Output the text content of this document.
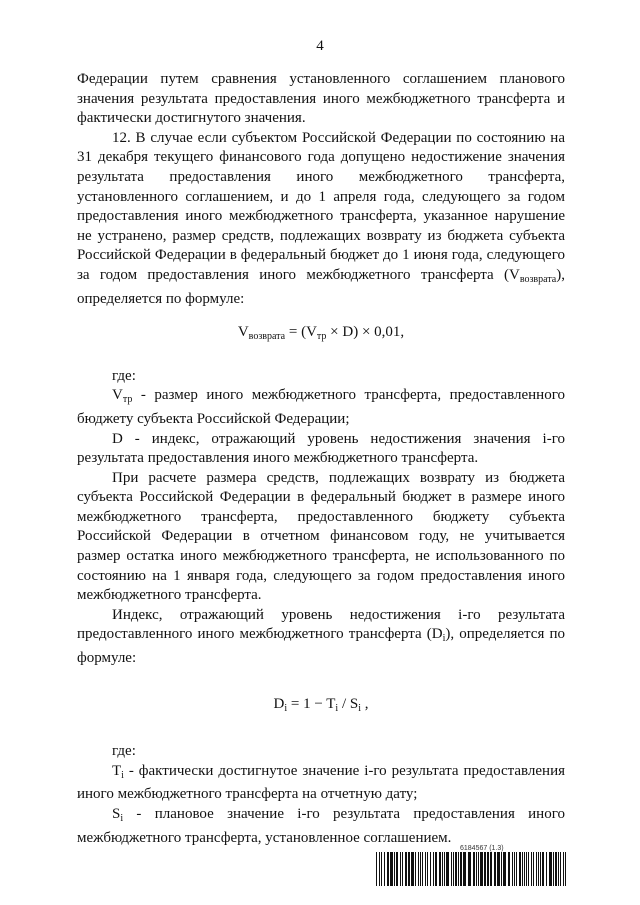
4

Федерации путем сравнения установленного соглашением планового значения результата предоставления иного межбюджетного трансферта и фактически достигнутого значения.

12. В случае если субъектом Российской Федерации по состоянию на 31 декабря текущего финансового года допущено недостижение значения результата предоставления иного межбюджетного трансферта, установленного соглашением, и до 1 апреля года, следующего за годом предоставления иного межбюджетного трансферта, указанное нарушение не устранено, размер средств, подлежащих возврату из бюджета субъекта Российской Федерации в федеральный бюджет до 1 июня года, следующего за годом предоставления иного межбюджетного трансферта $(V_{возврата})$, определяется по формуле:

$V_{возврата} = (V_{тр} \times D) \times 0,01$,

где:

$V_{тр}$ - размер иного межбюджетного трансферта, предоставленного бюджету субъекта Российской Федерации;

D - индекс, отражающий уровень недостижения значения i-го результата предоставления иного межбюджетного трансферта.

При расчете размера средств, подлежащих возврату из бюджета субъекта Российской Федерации в федеральный бюджет в размере иного межбюджетного трансферта, предоставленного бюджету субъекта Российской Федерации в отчетном финансовом году, не учитывается размер остатка иного межбюджетного трансферта, не использованного по состоянию на 1 января года, следующего за годом предоставления иного межбюджетного трансферта.

Индекс, отражающий уровень недостижения i-го результата предоставленного иного межбюджетного трансферта $(D_i)$, определяется по формуле:

$D_i = 1 - T_i / S_i$ ,

где:

$T_i$ - фактически достигнутое значение i-го результата предоставления иного межбюджетного трансферта на отчетную дату;

$S_i$ - плановое значение i-го результата предоставления иного межбюджетного трансферта, установленное соглашением.

6184567 (1.3)
